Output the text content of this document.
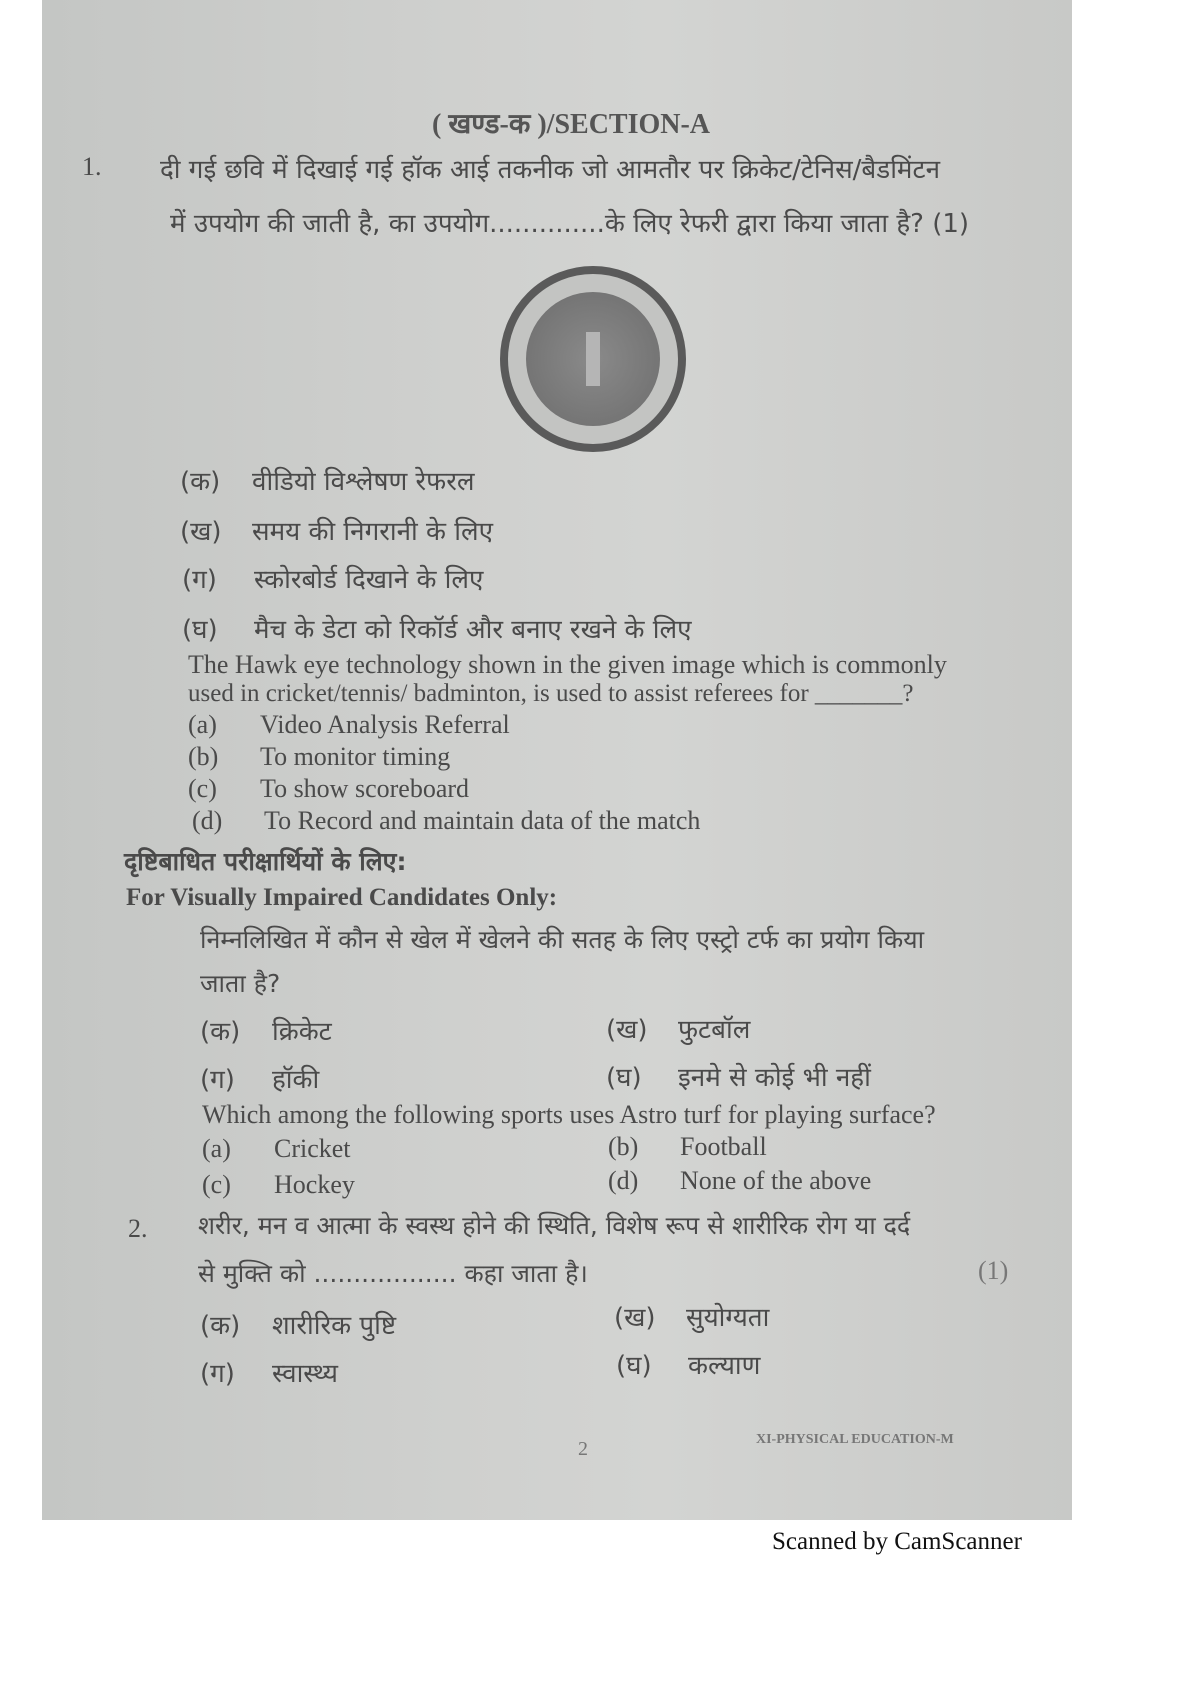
( खण्ड-क )/SECTION-A
1. दी गई छवि में दिखाई गई हॉक आई तकनीक जो आमतौर पर क्रिकेट/टेनिस/बैडमिंटन
में उपयोग की जाती है, का उपयोग..............के लिए रेफरी द्वारा किया जाता है? (1)
(क) वीडियो विश्लेषण रेफरल
(ख) समय की निगरानी के लिए
(ग) स्कोरबोर्ड दिखाने के लिए
(घ) मैच के डेटा को रिकॉर्ड और बनाए रखने के लिए
The Hawk eye technology shown in the given image which is commonly
used in cricket/tennis/ badminton, is used to assist referees for _______?
(a) Video Analysis Referral
(b) To monitor timing
(c) To show scoreboard
(d) To Record and maintain data of the match
दृष्टिबाधित परीक्षार्थियों के लिए:
For Visually Impaired Candidates Only:
निम्नलिखित में कौन से खेल में खेलने की सतह के लिए एस्ट्रो टर्फ का प्रयोग किया
जाता है?
(क) क्रिकेट	(ख) फुटबॉल
(ग) हॉकी	(घ) इनमे से कोई भी नहीं
Which among the following sports uses Astro turf for playing surface?
(a) Cricket	(b) Football
(c) Hockey	(d) None of the above
2. शरीर, मन व आत्मा के स्वस्थ होने की स्थिति, विशेष रूप से शारीरिक रोग या दर्द
से मुक्ति को .................. कहा जाता है।	(1)
(क) शारीरिक पुष्टि	(ख) सुयोग्यता
(ग) स्वास्थ्य	(घ) कल्याण
2	XI-PHYSICAL EDUCATION-M
Scanned by CamScanner
